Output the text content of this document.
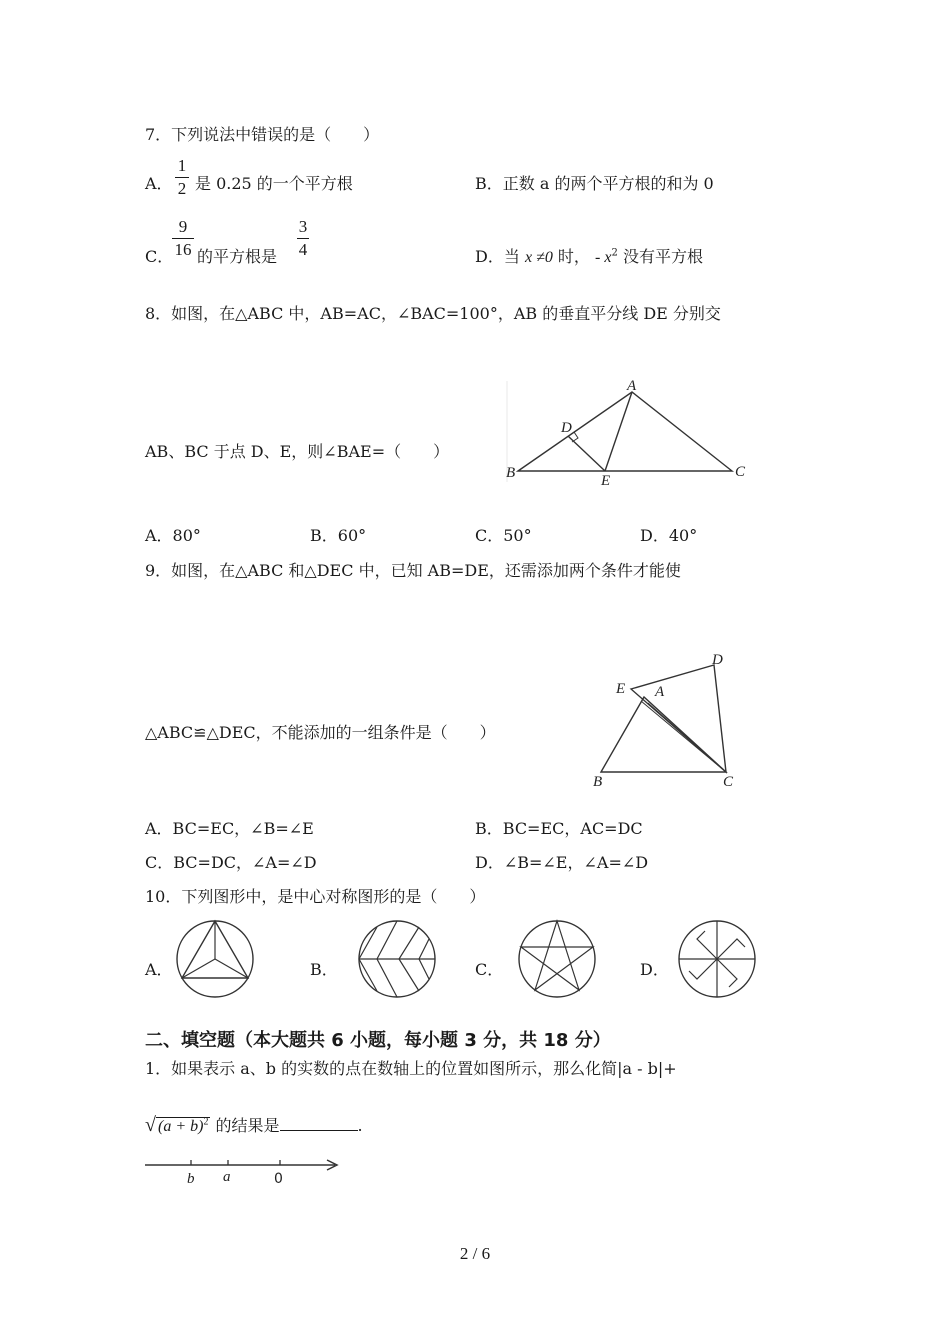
7．下列说法中错误的是（　　）
A．
1
2 是 0.25 的一个平方根	B．正数 a 的两个平方根的和为 0
C．
9
16 的平方根是
3
4	D．当 x ≠0 时， - $x^2$ 没有平方根
8．如图，在△ABC 中，AB=AC，∠BAC=100°，AB 的垂直平分线 DE 分别交
AB、BC 于点 D、E，则∠BAE=（　　）
A
B	C
D
E
A．80°	B．60°	C．50°	D．40°
9．如图，在△ABC 和△DEC 中，已知 AB=DE，还需添加两个条件才能使
△ABC≌△DEC，不能添加的一组条件是（　　）
A
B	C
D
E
A．BC=EC，∠B=∠E	B．BC=EC，AC=DC
C．BC=DC，∠A=∠D	D．∠B=∠E，∠A=∠D
10．下列图形中，是中心对称图形的是（　　）
A．	B．	C．	D．
二、填空题（本大题共 6 小题，每小题 3 分，共 18 分）
1．如果表示 a、b 的实数的点在数轴上的位置如图所示，那么化简|a - b|+
√ $(a + b)^2$ 的结果是	.
b a	0
2 / 6
